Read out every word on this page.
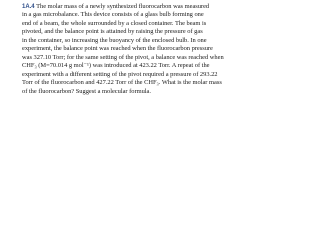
1A.4 The molar mass of a newly synthesized fluorocarbon was measured
in a gas microbalance. This device consists of a glass bulb forming one
end of a beam, the whole surrounded by a closed container. The beam is
pivoted, and the balance point is attained by raising the pressure of gas
in the container, so increasing the buoyancy of the enclosed bulb. In one
experiment, the balance point was reached when the fluorocarbon pressure
was 327.10 Torr; for the same setting of the pivot, a balance was reached when
CHF₃ (M=70.014 g mol⁻¹) was introduced at 423.22 Torr. A repeat of the
experiment with a different setting of the pivot required a pressure of 293.22
Torr of the fluorocarbon and 427.22 Torr of the CHF₃. What is the molar mass
of the fluorocarbon? Suggest a molecular formula.
